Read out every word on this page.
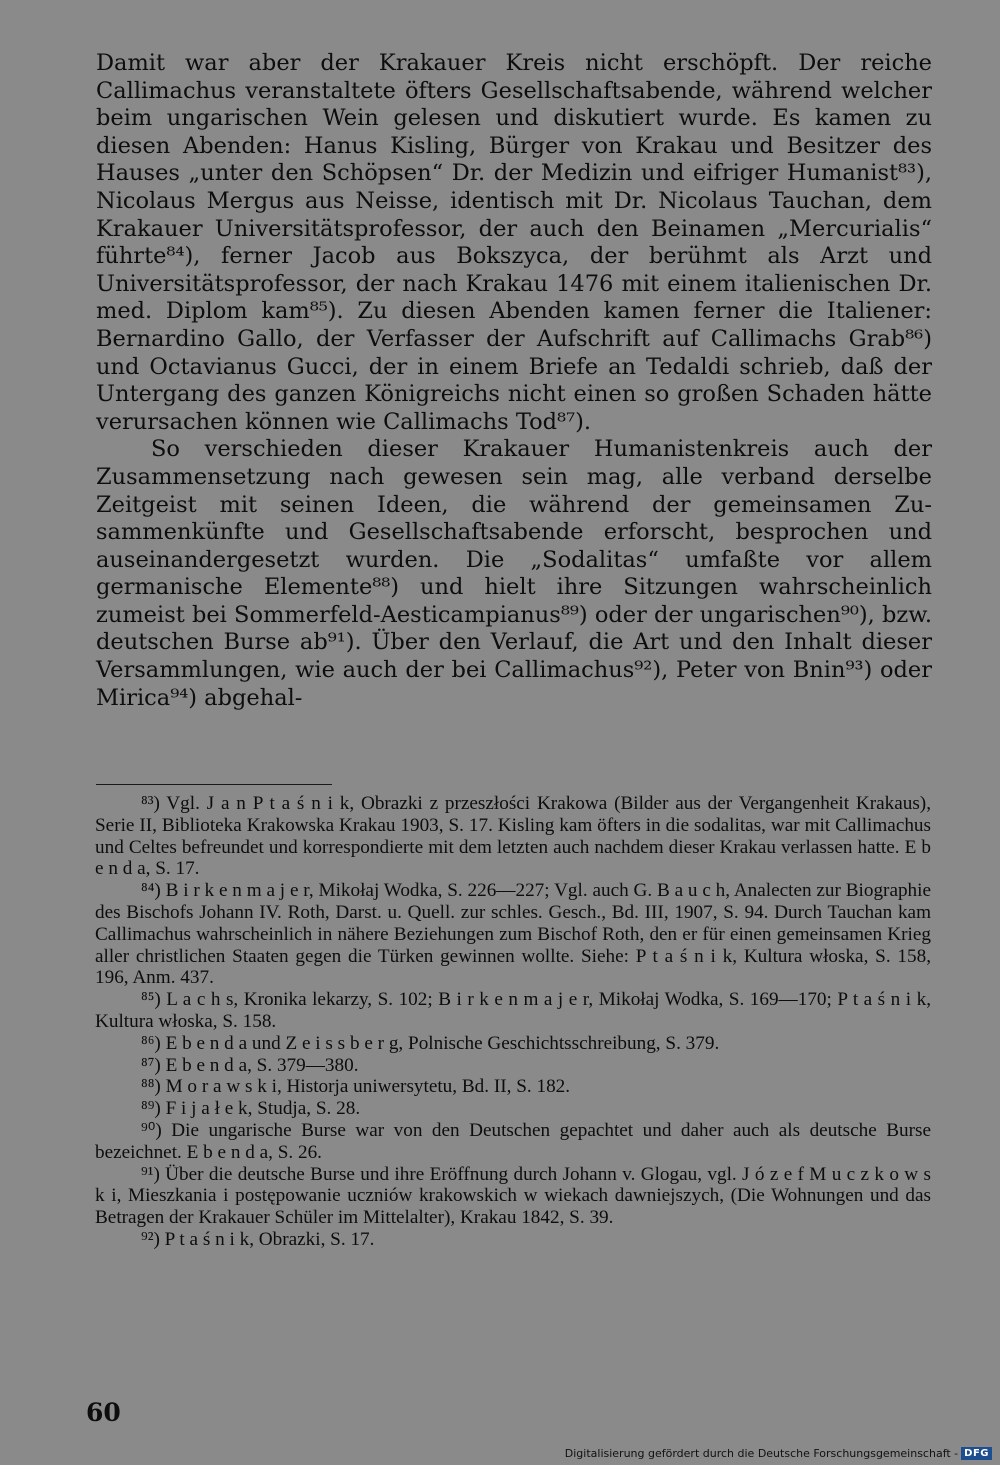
Damit war aber der Krakauer Kreis nicht erschöpft. Der reiche Callimachus veranstaltete öfters Gesellschaftsabende, während welcher beim ungarischen Wein gelesen und diskutiert wurde. Es kamen zu diesen Abenden: Hanus Kisling, Bürger von Krakau und Besitzer des Hauses „unter den Schöpsen“ Dr. der Medizin und eifriger Humanist⁸³), Nicolaus Mergus aus Neisse, identisch mit Dr. Nicolaus Tauchan, dem Krakauer Universitätsprofessor, der auch den Beinamen „Mercurialis“ führte⁸⁴), ferner Jacob aus Bokszyca, der berühmt als Arzt und Universitätsprofessor, der nach Krakau 1476 mit einem italienischen Dr. med. Diplom kam⁸⁵). Zu diesen Abenden kamen ferner die Italiener: Bernardino Gallo, der Verfasser der Aufschrift auf Callimachs Grab⁸⁶) und Octavianus Gucci, der in einem Briefe an Tedaldi schrieb, daß der Untergang des ganzen Königreichs nicht einen so großen Schaden hätte verursachen können wie Callimachs Tod⁸⁷).

So verschieden dieser Krakauer Humanistenkreis auch der Zusammensetzung nach gewesen sein mag, alle verband derselbe Zeitgeist mit seinen Ideen, die während der gemeinsamen Zusammenkünfte und Gesellschaftsabende erforscht, besprochen und auseinandergesetzt wurden. Die „Sodalitas“ umfaßte vor allem germanische Elemente⁸⁸) und hielt ihre Sitzungen wahrscheinlich zumeist bei Sommerfeld-Aesticampianus⁸⁹) oder der ungarischen⁹⁰), bzw. deutschen Burse ab⁹¹). Über den Verlauf, die Art und den Inhalt dieser Versammlungen, wie auch der bei Callimachus⁹²), Peter von Bnin⁹³) oder Mirica⁹⁴) abgehal-

⁸³) Vgl. J a n P t a ś n i k, Obrazki z przeszłości Krakowa (Bilder aus der Vergangenheit Krakaus), Serie II, Biblioteka Krakowska Krakau 1903, S. 17. Kisling kam öfters in die sodalitas, war mit Callimachus und Celtes befreundet und korrespondierte mit dem letzten auch nachdem dieser Krakau verlassen hatte. E b e n d a, S. 17.

⁸⁴) B i r k e n m a j e r, Mikołaj Wodka, S. 226—227; Vgl. auch G. B a u c h, Analecten zur Biographie des Bischofs Johann IV. Roth, Darst. u. Quell. zur schles. Gesch., Bd. III, 1907, S. 94. Durch Tauchan kam Callimachus wahrscheinlich in nähere Beziehungen zum Bischof Roth, den er für einen gemeinsamen Krieg aller christlichen Staaten gegen die Türken gewinnen wollte. Siehe: P t a ś n i k, Kultura włoska, S. 158, 196, Anm. 437.

⁸⁵) L a c h s, Kronika lekarzy, S. 102; B i r k e n m a j e r, Mikołaj Wodka, S. 169—170; P t a ś n i k, Kultura włoska, S. 158.

⁸⁶) E b e n d a und Z e i s s b e r g, Polnische Geschichtsschreibung, S. 379.

⁸⁷) E b e n d a, S. 379—380.

⁸⁸) M o r a w s k i, Historja uniwersytetu, Bd. II, S. 182.

⁸⁹) F i j a ł e k, Studja, S. 28.

⁹⁰) Die ungarische Burse war von den Deutschen gepachtet und daher auch als deutsche Burse bezeichnet. E b e n d a, S. 26.

⁹¹) Über die deutsche Burse und ihre Eröffnung durch Johann v. Glogau, vgl. J ó z e f M u c z k o w s k i, Mieszkania i postępowanie uczniów krakowskich w wiekach dawniejszych, (Die Wohnungen und das Betragen der Krakauer Schüler im Mittelalter), Krakau 1842, S. 39.

⁹²) P t a ś n i k, Obrazki, S. 17.

60
Digitalisierung gefördert durch die Deutsche Forschungsgemeinschaft - DFG
